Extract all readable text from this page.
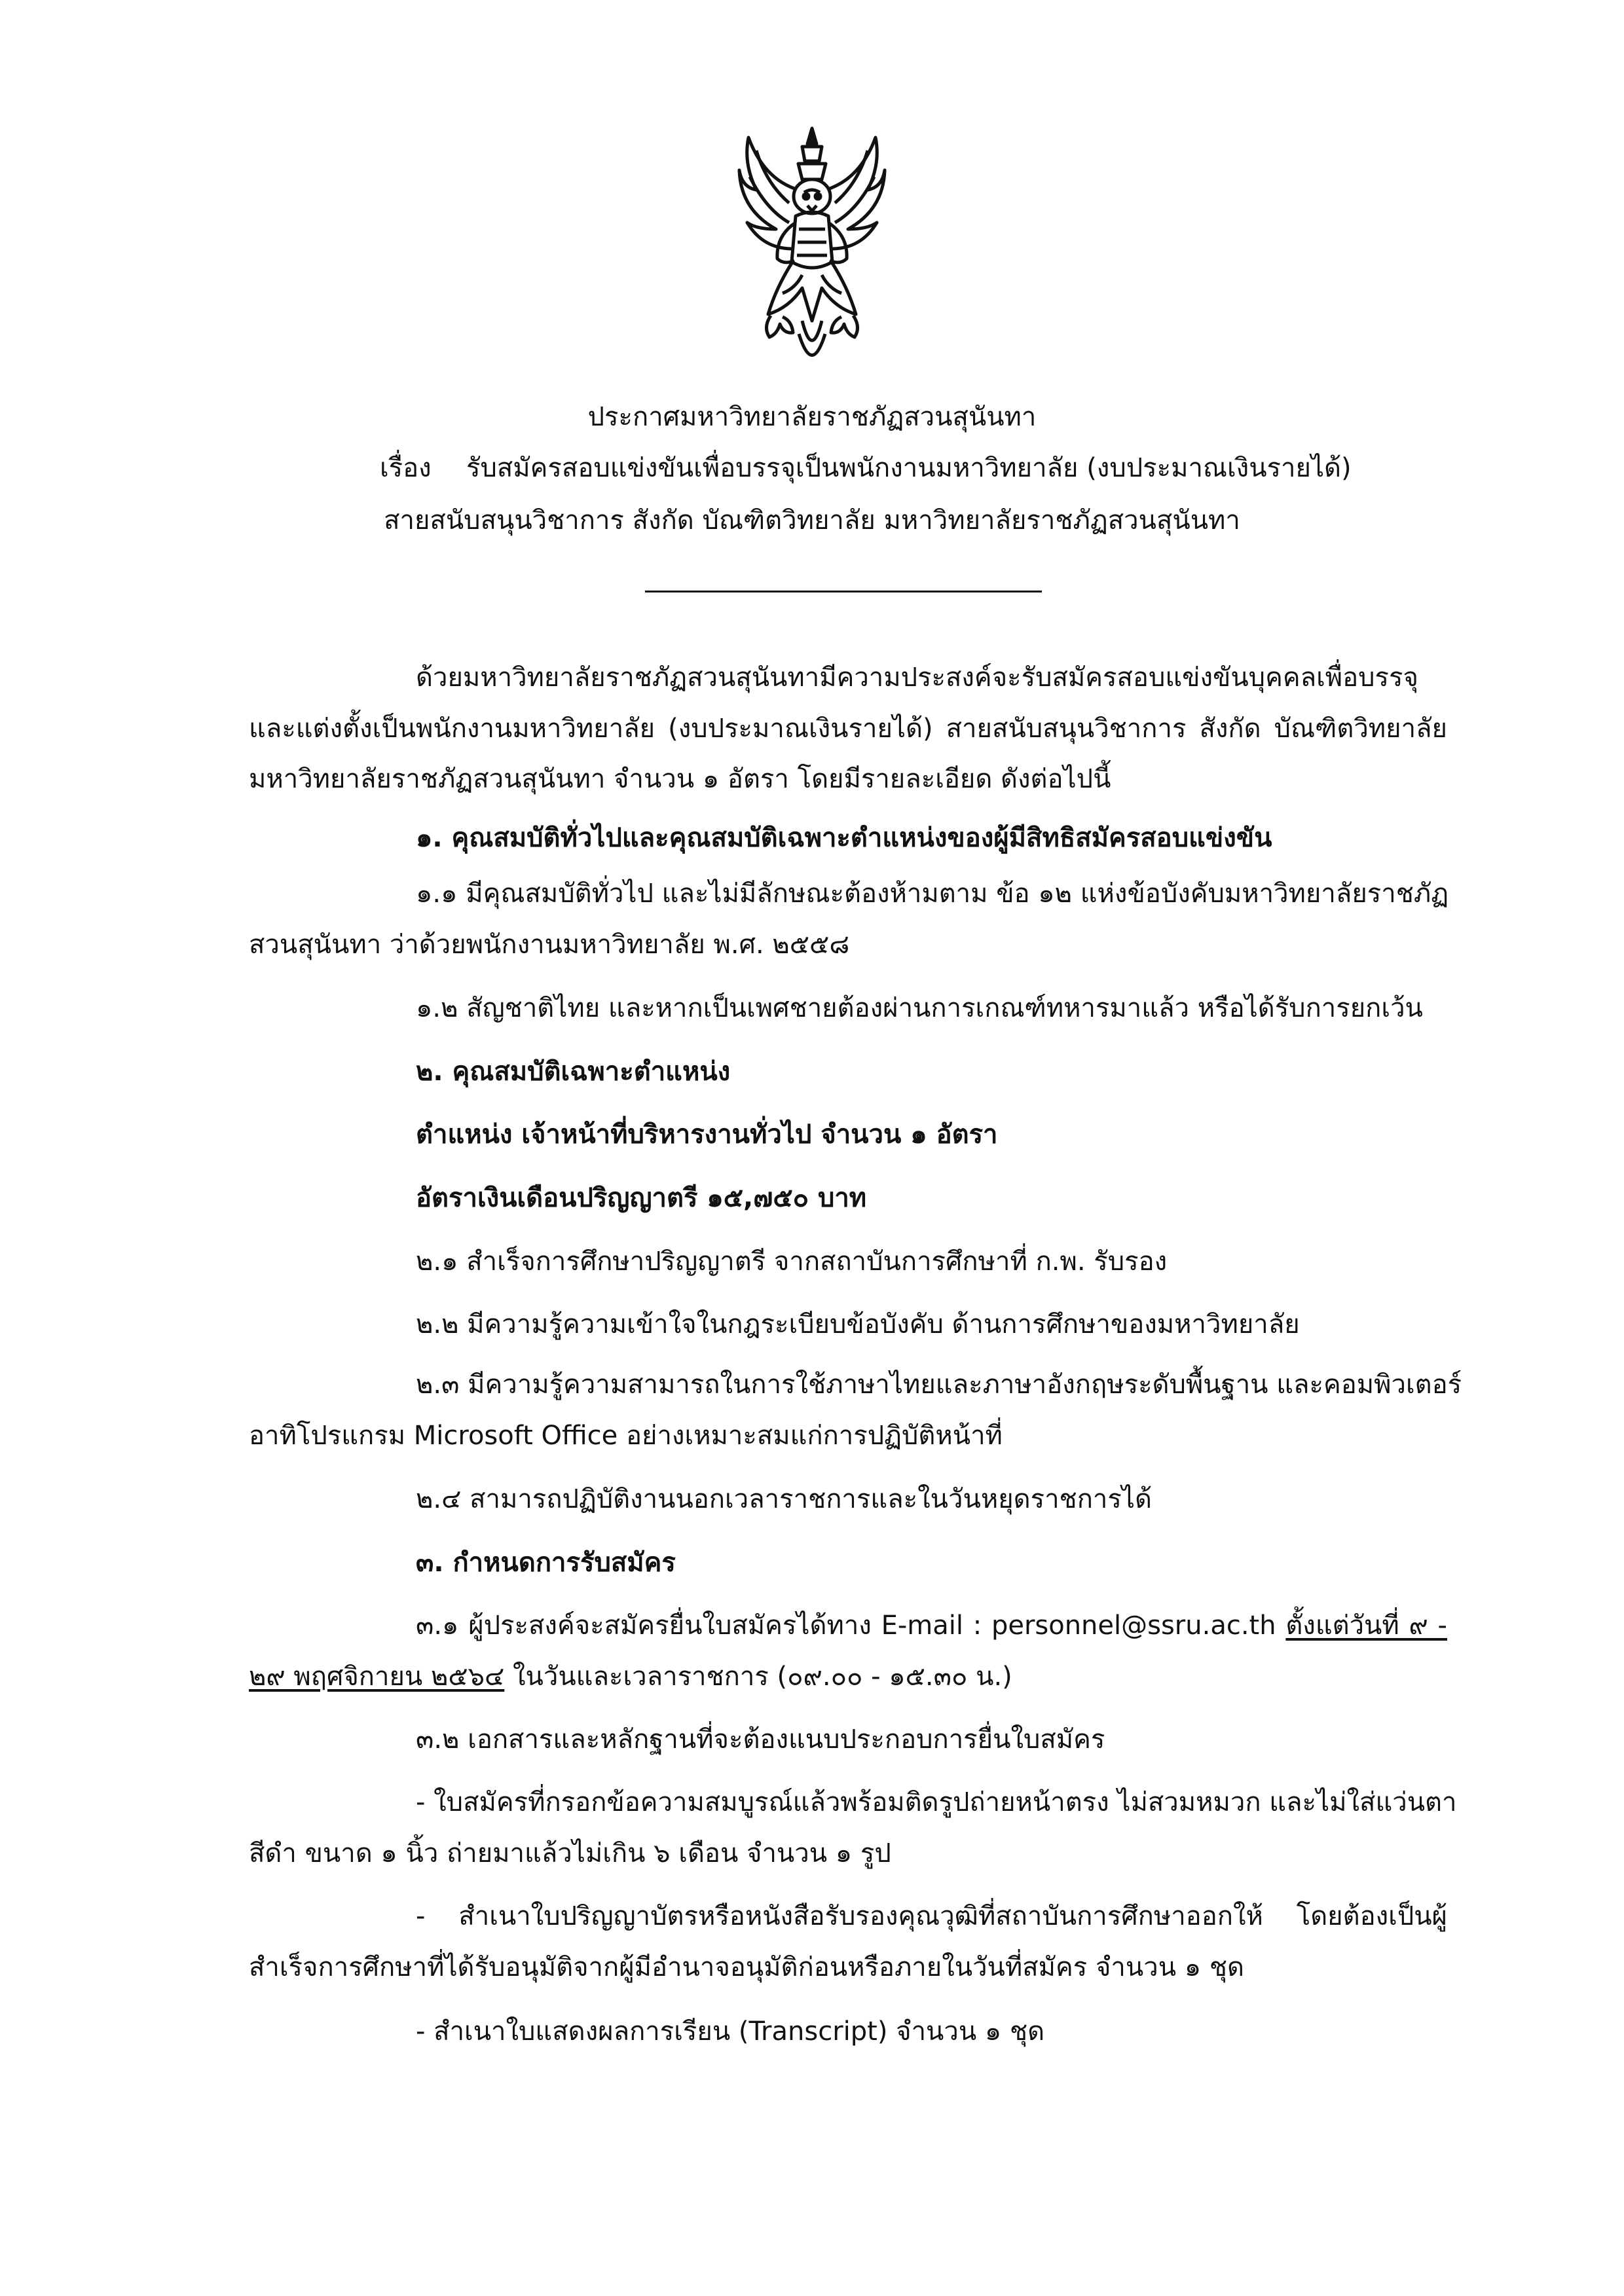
ประกาศมหาวิทยาลัยราชภัฏสวนสุนันทา
เรื่อง รับสมัครสอบแข่งขันเพื่อบรรจุเป็นพนักงานมหาวิทยาลัย (งบประมาณเงินรายได้)
สายสนับสนุนวิชาการ สังกัด บัณฑิตวิทยาลัย มหาวิทยาลัยราชภัฏสวนสุนันทา
ด้วยมหาวิทยาลัยราชภัฏสวนสุนันทามีความประสงค์จะรับสมัครสอบแข่งขันบุคคลเพื่อบรรจุ
และแต่งตั้งเป็นพนักงานมหาวิทยาลัย (งบประมาณเงินรายได้) สายสนับสนุนวิชาการ สังกัด บัณฑิตวิทยาลัย
มหาวิทยาลัยราชภัฏสวนสุนันทา จำนวน ๑ อัตรา โดยมีรายละเอียด ดังต่อไปนี้
๑. คุณสมบัติทั่วไปและคุณสมบัติเฉพาะตำแหน่งของผู้มีสิทธิสมัครสอบแข่งขัน
๑.๑ มีคุณสมบัติทั่วไป และไม่มีลักษณะต้องห้ามตาม ข้อ ๑๒ แห่งข้อบังคับมหาวิทยาลัยราชภัฏ
สวนสุนันทา ว่าด้วยพนักงานมหาวิทยาลัย พ.ศ. ๒๕๕๘
๑.๒ สัญชาติไทย และหากเป็นเพศชายต้องผ่านการเกณฑ์ทหารมาแล้ว หรือได้รับการยกเว้น
๒. คุณสมบัติเฉพาะตำแหน่ง
ตำแหน่ง เจ้าหน้าที่บริหารงานทั่วไป จำนวน ๑ อัตรา
อัตราเงินเดือนปริญญาตรี ๑๕,๗๕๐ บาท
๒.๑ สำเร็จการศึกษาปริญญาตรี จากสถาบันการศึกษาที่ ก.พ. รับรอง
๒.๒ มีความรู้ความเข้าใจในกฎระเบียบข้อบังคับ ด้านการศึกษาของมหาวิทยาลัย
๒.๓ มีความรู้ความสามารถในการใช้ภาษาไทยและภาษาอังกฤษระดับพื้นฐาน และคอมพิวเตอร์
อาทิโปรแกรม Microsoft Office อย่างเหมาะสมแก่การปฏิบัติหน้าที่
๒.๔ สามารถปฏิบัติงานนอกเวลาราชการและในวันหยุดราชการได้
๓. กำหนดการรับสมัคร
๓.๑ ผู้ประสงค์จะสมัครยื่นใบสมัครได้ทาง E-mail : personnel@ssru.ac.th ตั้งแต่วันที่ ๙ -
๒๙ พฤศจิกายน ๒๕๖๔ ในวันและเวลาราชการ (๐๙.๐๐ - ๑๕.๓๐ น.)
๓.๒ เอกสารและหลักฐานที่จะต้องแนบประกอบการยื่นใบสมัคร
- ใบสมัครที่กรอกข้อความสมบูรณ์แล้วพร้อมติดรูปถ่ายหน้าตรง ไม่สวมหมวก และไม่ใส่แว่นตา
สีดำ ขนาด ๑ นิ้ว ถ่ายมาแล้วไม่เกิน ๖ เดือน จำนวน ๑ รูป
- สำเนาใบปริญญาบัตรหรือหนังสือรับรองคุณวุฒิที่สถาบันการศึกษาออกให้ โดยต้องเป็นผู้
สำเร็จการศึกษาที่ได้รับอนุมัติจากผู้มีอำนาจอนุมัติก่อนหรือภายในวันที่สมัคร จำนวน ๑ ชุด
- สำเนาใบแสดงผลการเรียน (Transcript) จำนวน ๑ ชุด
